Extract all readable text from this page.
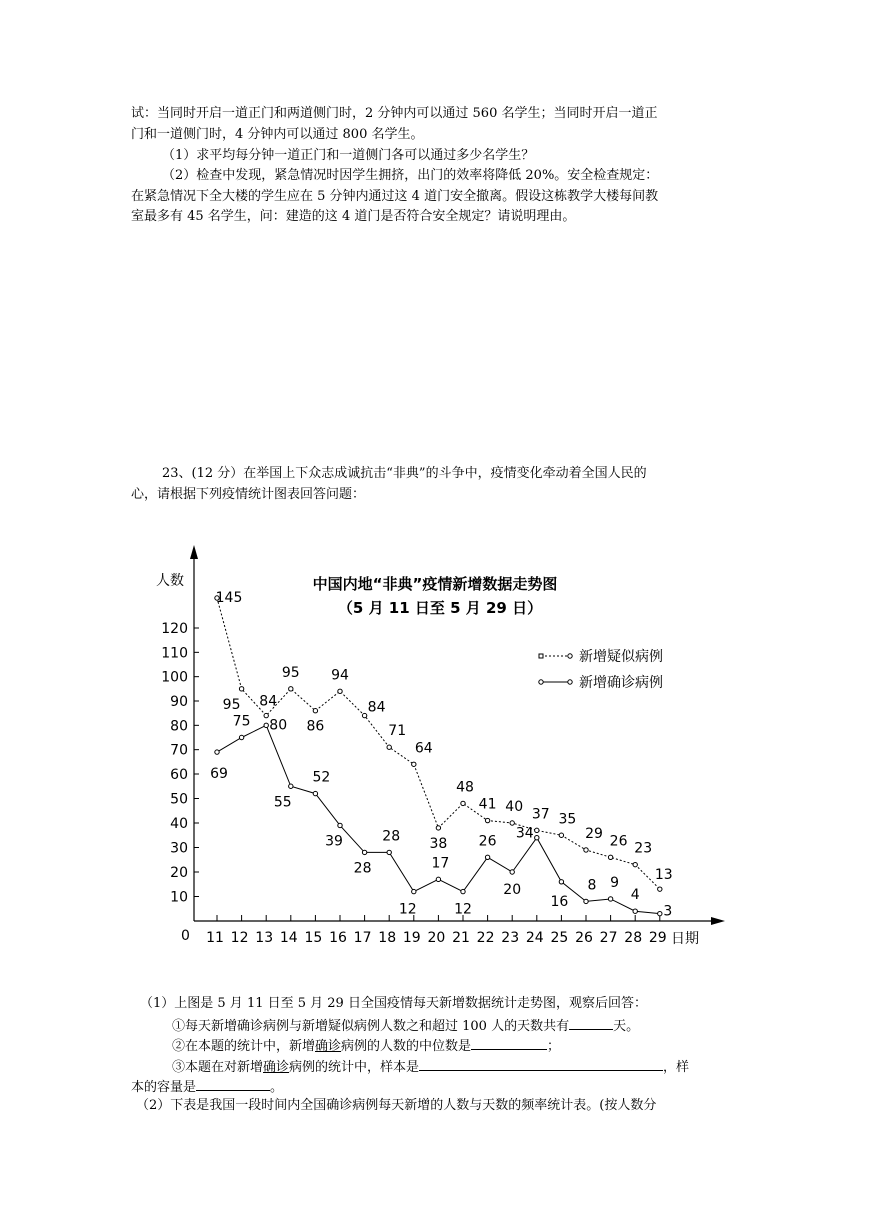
试：当同时开启一道正门和两道侧门时，2 分钟内可以通过 560 名学生；当同时开启一道正
门和一道侧门时，4 分钟内可以通过 800 名学生。
（1）求平均每分钟一道正门和一道侧门各可以通过多少名学生？
（2）检查中发现，紧急情况时因学生拥挤，出门的效率将降低 20%。安全检查规定：
在紧急情况下全大楼的学生应在 5 分钟内通过这 4 道门安全撤离。假设这栋教学大楼每间教
室最多有 45 名学生，问：建造的这 4 道门是否符合安全规定？请说明理由。
23、(12 分）在举国上下众志成诚抗击“非典”的斗争中，疫情变化牵动着全国人民的
心，请根据下列疫情统计图表回答问题：
人数
0	日期
10
20
30
40
50
60
70
80
90
100
110
120
11 12 13 14 15 16 17 18 19 20 21 22 23 24 25 26 27 28 29
中国内地“非典”疫情新增数据走势图
（5 月 11 日至 5 月 29 日）
新增疑似病例
新增确诊病例
145
95 84
95
86
94
84
71
64
38
48
41 40 37 35
29 26 23
13
69
75 80
55
52
39
28
28
12
17
12
26
20
34
16
8 9
4
3
（1）上图是 5 月 11 日至 5 月 29 日全国疫情每天新增数据统计走势图，观察后回答：
①每天新增确诊病例与新增疑似病例人数之和超过 100 人的天数共有	天。
②在本题的统计中，新增确诊病例的人数的中位数是	；
③本题在对新增确诊病例的统计中，样本是	，样
本的容量是	。
（2）下表是我国一段时间内全国确诊病例每天新增的人数与天数的频率统计表。(按人数分
